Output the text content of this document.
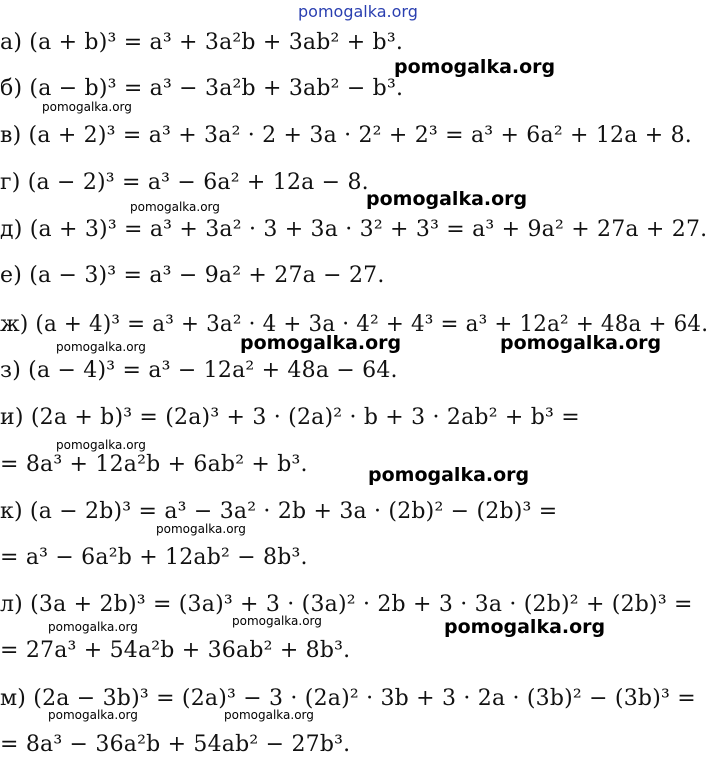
pomogalka.org
pomogalka.org
pomogalka.org
pomogalka.org
pomogalka.org
pomogalka.org	pomogalka.org	pomogalka.org
pomogalka.org
pomogalka.org
pomogalka.org
pomogalka.org	pomogalka.org	pomogalka.org
pomogalka.org	pomogalka.org
а) (a + b)³ = a³ + 3a²b + 3ab² + b³.
б) (a − b)³ = a³ − 3a²b + 3ab² − b³.
в) (a + 2)³ = a³ + 3a² · 2 + 3a · 2² + 2³ = a³ + 6a² + 12a + 8.
г) (a − 2)³ = a³ − 6a² + 12a − 8.
д) (a + 3)³ = a³ + 3a² · 3 + 3a · 3² + 3³ = a³ + 9a² + 27a + 27.
е) (a − 3)³ = a³ − 9a² + 27a − 27.
ж) (a + 4)³ = a³ + 3a² · 4 + 3a · 4² + 4³ = a³ + 12a² + 48a + 64.
з) (a − 4)³ = a³ − 12a² + 48a − 64.
и) (2a + b)³ = (2a)³ + 3 · (2a)² · b + 3 · 2ab² + b³ =
= 8a³ + 12a²b + 6ab² + b³.
к) (a − 2b)³ = a³ − 3a² · 2b + 3a · (2b)² − (2b)³ =
= a³ − 6a²b + 12ab² − 8b³.
л) (3a + 2b)³ = (3a)³ + 3 · (3a)² · 2b + 3 · 3a · (2b)² + (2b)³ =
= 27a³ + 54a²b + 36ab² + 8b³.
м) (2a − 3b)³ = (2a)³ − 3 · (2a)² · 3b + 3 · 2a · (3b)² − (3b)³ =
= 8a³ − 36a²b + 54ab² − 27b³.
